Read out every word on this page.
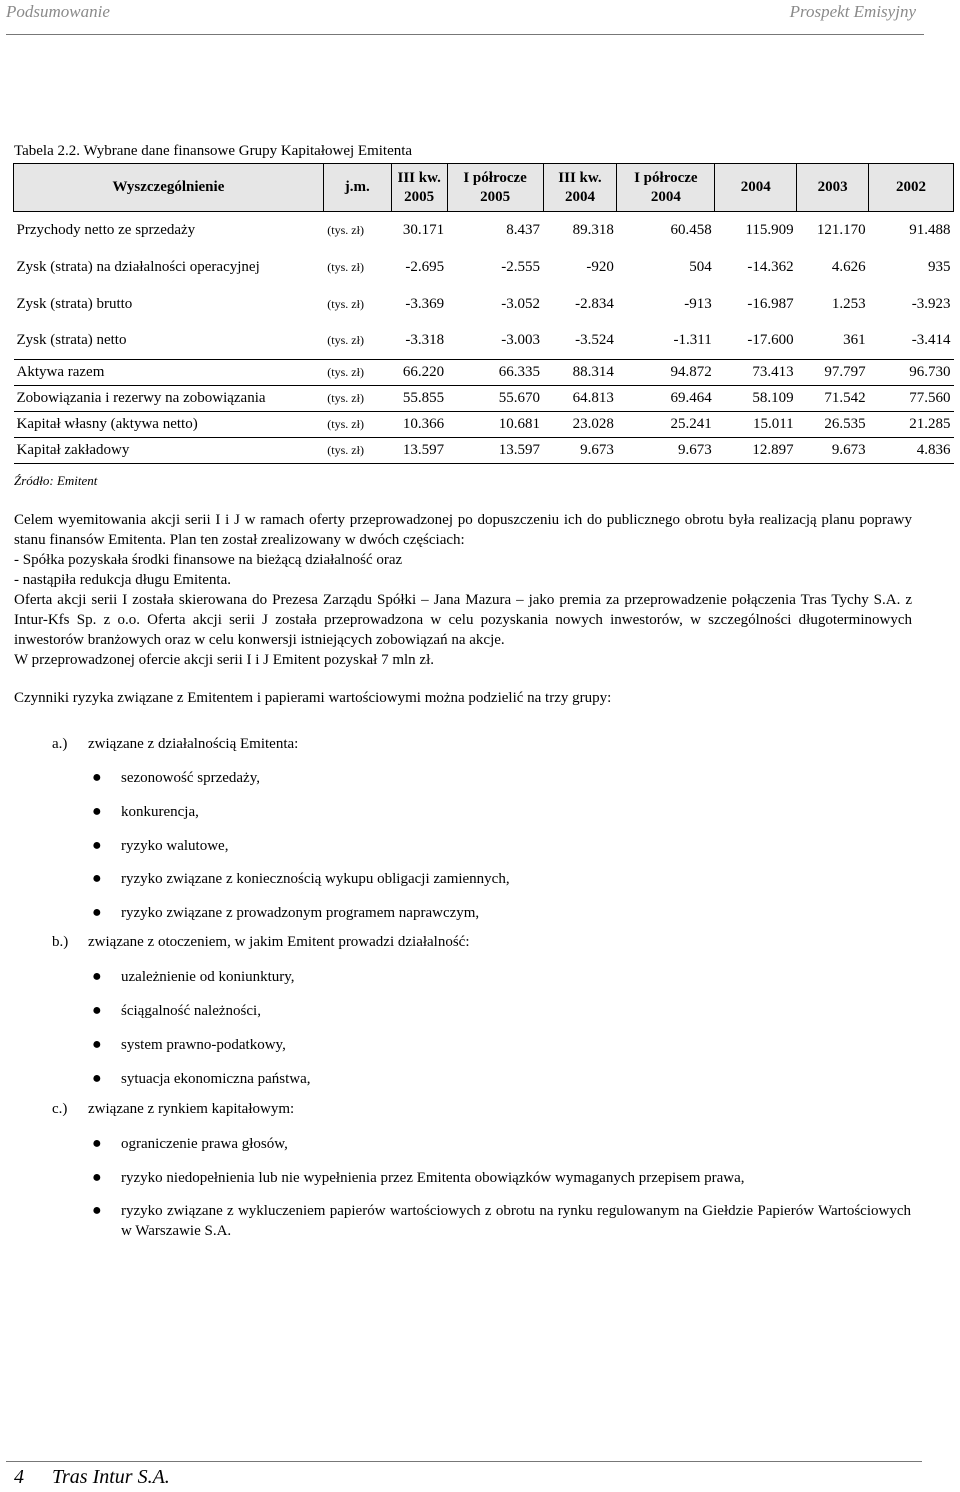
Podsumowanie	Prospekt Emisyjny
Tabela 2.2. Wybrane dane finansowe Grupy Kapitałowej Emitenta
Wyszczególnienie	j.m.	III kw. 2005	I półrocze 2005	III kw. 2004	I półrocze 2004	2004	2003	2002
Przychody netto ze sprzedaży	(tys. zł)	30.171	8.437	89.318	60.458	115.909	121.170	91.488
Zysk (strata) na działalności operacyjnej	(tys. zł)	-2.695	-2.555	-920	504	-14.362	4.626	935
Zysk (strata) brutto	(tys. zł)	-3.369	-3.052	-2.834	-913	-16.987	1.253	-3.923
Zysk (strata) netto	(tys. zł)	-3.318	-3.003	-3.524	-1.311	-17.600	361	-3.414
Aktywa razem	(tys. zł)	66.220	66.335	88.314	94.872	73.413	97.797	96.730
Zobowiązania i rezerwy na zobowiązania	(tys. zł)	55.855	55.670	64.813	69.464	58.109	71.542	77.560
Kapitał własny (aktywa netto)	(tys. zł)	10.366	10.681	23.028	25.241	15.011	26.535	21.285
Kapitał zakładowy	(tys. zł)	13.597	13.597	9.673	9.673	12.897	9.673	4.836
Źródło: Emitent

Celem wyemitowania akcji serii I i J w ramach oferty przeprowadzonej po dopuszczeniu ich do publicznego obrotu była realizacją planu poprawy stanu finansów Emitenta. Plan ten został zrealizowany w dwóch częściach:

- Spółka pozyskała środki finansowe na bieżącą działalność oraz

- nastąpiła redukcja długu Emitenta.

Oferta akcji serii I została skierowana do Prezesa Zarządu Spółki – Jana Mazura – jako premia za przeprowadzenie połączenia Tras Tychy S.A. z Intur-Kfs Sp. z o.o. Oferta akcji serii J została przeprowadzona w celu pozyskania nowych inwestorów, w szczególności długoterminowych inwestorów branżowych oraz w celu konwersji istniejących zobowiązań na akcje.

W przeprowadzonej ofercie akcji serii I i J Emitent pozyskał 7 mln zł.

Czynniki ryzyka związane z Emitentem i papierami wartościowymi można podzielić na trzy grupy:

a.) związane z działalnością Emitenta:
● sezonowość sprzedaży,
● konkurencja,
● ryzyko walutowe,
● ryzyko związane z koniecznością wykupu obligacji zamiennych,
● ryzyko związane z prowadzonym programem naprawczym,
b.) związane z otoczeniem, w jakim Emitent prowadzi działalność:
● uzależnienie od koniunktury,
● ściągalność należności,
● system prawno-podatkowy,
● sytuacja ekonomiczna państwa,
c.) związane z rynkiem kapitałowym:
● ograniczenie prawa głosów,
● ryzyko niedopełnienia lub nie wypełnienia przez Emitenta obowiązków wymaganych przepisem prawa,
● ryzyko związane z wykluczeniem papierów wartościowych z obrotu na rynku regulowanym na Giełdzie Papierów Wartościowych w Warszawie S.A.
4 Tras Intur S.A.
